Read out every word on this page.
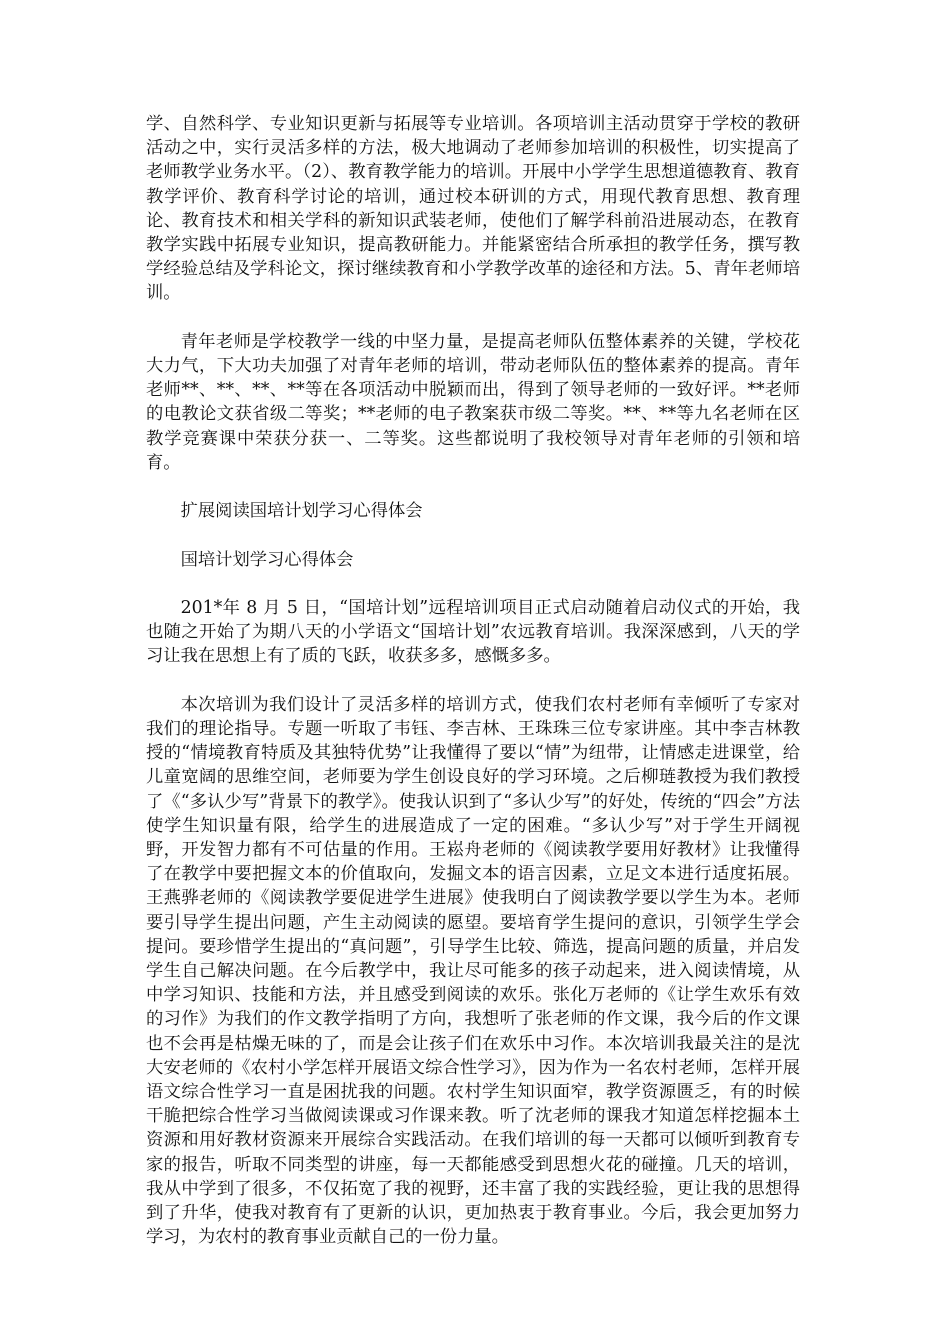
学、自然科学、专业知识更新与拓展等专业培训。各项培训主活动贯穿于学校的教研活动之中，实行灵活多样的方法，极大地调动了老师参加培训的积极性，切实提高了老师教学业务水平。（2）、教育教学能力的培训。开展中小学学生思想道德教育、教育教学评价、教育科学讨论的培训，通过校本研训的方式，用现代教育思想、教育理论、教育技术和相关学科的新知识武装老师，使他们了解学科前沿进展动态，在教育教学实践中拓展专业知识，提高教研能力。并能紧密结合所承担的教学任务，撰写教学经验总结及学科论文，探讨继续教育和小学教学改革的途径和方法。5、青年老师培训。

青年老师是学校教学一线的中坚力量，是提高老师队伍整体素养的关键，学校花大力气，下大功夫加强了对青年老师的培训，带动老师队伍的整体素养的提高。青年老师**、**、**、**等在各项活动中脱颖而出，得到了领导老师的一致好评。**老师的电教论文获省级二等奖；**老师的电子教案获市级二等奖。**、**等九名老师在区教学竞赛课中荣获分获一、二等奖。这些都说明了我校领导对青年老师的引领和培育。

扩展阅读国培计划学习心得体会

国培计划学习心得体会

201*年 8 月 5 日，“国培计划”远程培训项目正式启动随着启动仪式的开始，我也随之开始了为期八天的小学语文“国培计划”农远教育培训。我深深感到，八天的学习让我在思想上有了质的飞跃，收获多多，感慨多多。

本次培训为我们设计了灵活多样的培训方式，使我们农村老师有幸倾听了专家对我们的理论指导。专题一听取了韦钰、李吉林、王珠珠三位专家讲座。其中李吉林教授的“情境教育特质及其独特优势”让我懂得了要以“情”为纽带，让情感走进课堂，给儿童宽阔的思维空间，老师要为学生创设良好的学习环境。之后柳琏教授为我们教授了《“多认少写”背景下的教学》。使我认识到了“多认少写”的好处，传统的“四会”方法使学生知识量有限，给学生的进展造成了一定的困难。“多认少写”对于学生开阔视野，开发智力都有不可估量的作用。王崧舟老师的《阅读教学要用好教材》让我懂得了在教学中要把握文本的价值取向，发掘文本的语言因素，立足文本进行适度拓展。王燕骅老师的《阅读教学要促进学生进展》使我明白了阅读教学要以学生为本。老师要引导学生提出问题，产生主动阅读的愿望。要培育学生提问的意识，引领学生学会提问。要珍惜学生提出的“真问题”，引导学生比较、筛选，提高问题的质量，并启发学生自己解决问题。在今后教学中，我让尽可能多的孩子动起来，进入阅读情境，从中学习知识、技能和方法，并且感受到阅读的欢乐。张化万老师的《让学生欢乐有效的习作》为我们的作文教学指明了方向，我想听了张老师的作文课，我今后的作文课也不会再是枯燥无味的了，而是会让孩子们在欢乐中习作。本次培训我最关注的是沈大安老师的《农村小学怎样开展语文综合性学习》，因为作为一名农村老师，怎样开展语文综合性学习一直是困扰我的问题。农村学生知识面窄，教学资源匮乏，有的时候干脆把综合性学习当做阅读课或习作课来教。听了沈老师的课我才知道怎样挖掘本土资源和用好教材资源来开展综合实践活动。在我们培训的每一天都可以倾听到教育专家的报告，听取不同类型的讲座，每一天都能感受到思想火花的碰撞。几天的培训，我从中学到了很多，不仅拓宽了我的视野，还丰富了我的实践经验，更让我的思想得到了升华，使我对教育有了更新的认识，更加热衷于教育事业。今后，我会更加努力学习，为农村的教育事业贡献自己的一份力量。
